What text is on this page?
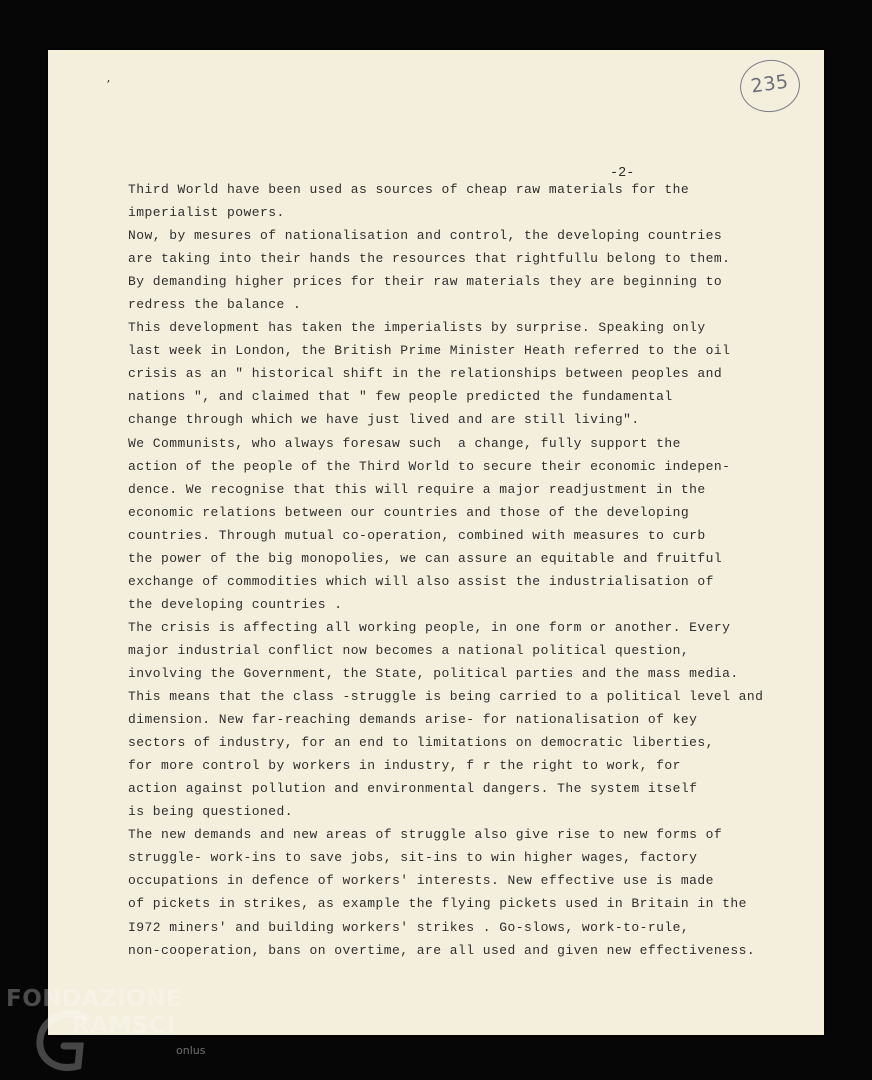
ʼ	235
-2-
Third World have been used as sources of cheap raw materials for the
imperialist powers.
Now, by mesures of nationalisation and control, the developing countries
are taking into their hands the resources that rightfullu belong to them.
By demanding higher prices for their raw materials they are beginning to
redress the balance .
This development has taken the imperialists by surprise. Speaking only
last week in London, the British Prime Minister Heath referred to the oil
crisis as an " historical shift in the relationships between peoples and
nations ", and claimed that " few people predicted the fundamental
change through which we have just lived and are still living".
We Communists, who always foresaw such  a change, fully support the
action of the people of the Third World to secure their economic indepen-
dence. We recognise that this will require a major readjustment in the
economic relations between our countries and those of the developing
countries. Through mutual co-operation, combined with measures to curb
the power of the big monopolies, we can assure an equitable and fruitful
exchange of commodities which will also assist the industrialisation of
the developing countries .
The crisis is affecting all working people, in one form or another. Every
major industrial conflict now becomes a national political question,
involving the Government, the State, political parties and the mass media.
This means that the class -struggle is being carried to a political level and
dimension. New far-reaching demands arise- for nationalisation of key
sectors of industry, for an end to limitations on democratic liberties,
for more control by workers in industry, f r the right to work, for
action against pollution and environmental dangers. The system itself
is being questioned.
The new demands and new areas of struggle also give rise to new forms of
struggle- work-ins to save jobs, sit-ins to win higher wages, factory
occupations in defence of workers' interests. New effective use is made
of pickets in strikes, as example the flying pickets used in Britain in the
I972 miners' and building workers' strikes . Go-slows, work-to-rule,
non-cooperation, bans on overtime, are all used and given new effectiveness.
FONDAZIONE
RAMSCI
onlus
